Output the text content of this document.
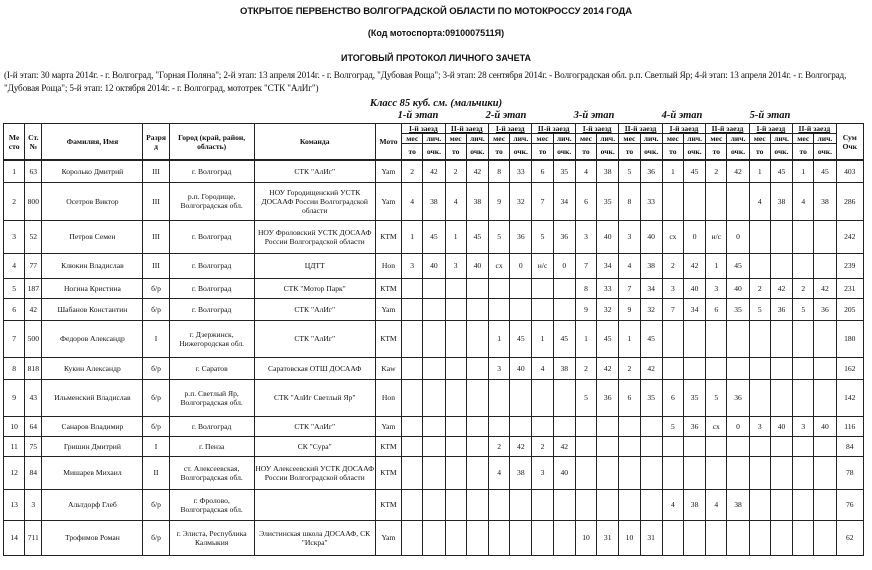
ОТКРЫТОЕ ПЕРВЕНСТВО ВОЛГОГРАДСКОЙ ОБЛАСТИ ПО МОТОКРОССУ 2014 ГОДА
(Код мотоспорта:0910007511Я)
ИТОГОВЫЙ ПРОТОКОЛ ЛИЧНОГО ЗАЧЕТА
(I-й этап: 30 марта 2014г. - г. Волгоград, "Горная Поляна"; 2-й этап: 13 апреля 2014г. - г. Волгоград, "Дубовая Роща"; 3-й этап: 28 сентября 2014г. - Волгоградская обл. р.п. Светлый Яр; 4-й этап: 13 апреля 2014г. - г. Волгоград, "Дубовая Роща"; 5-й этап: 12 октября 2014г. - г. Волгоград, мототрек "СТК "АлИг")
Класс 85 куб. см. (мальчики)
1-й этап	2-й этап	3-й этап	4-й этап	5-й этап
Ме сто	Ст. №	Фамилия, Имя	Разря д	Город (край, район, область)	Команда	Мото	I-й заезд		II-й заезд		I-й заезд		II-й заезд		I-й заезд		II-й заезд		I-й заезд		II-й заезд		I-й заезд		II-й заезд		Сум Очк
							мес	лич.	мес	лич.	мес	лич.	мес	лич.	мес	лич.	мес	лич.	мес	лич.	мес	лич.	мес	лич.	мес	лич.	
							то	очк.	то	очк.	то	очк.	то	очк.	то	очк.	то	очк.	то	очк.	то	очк.	то	очк.	то	очк.	
1	63	Королько Дмитрий	III	г. Волгоград	СТК "АлИг"	Yam	2	42	2	42	8	33	6	35	4	38	5	36	1	45	2	42	1	45	1	45	403
2	800	Осетров Виктор	III	р.п. Городище, Волгоградская обл.	НОУ Городищенский УСТК ДОСААФ России Волгоградской области	Yam	4	38	4	38	9	32	7	34	6	35	8	33					4	38	4	38	286
3	52	Петров Семен	III	г. Волгоград	НОУ Фроловский УСТК ДОСААФ России Волгоградской области	КТМ	1	45	1	45	5	36	5	36	3	40	3	40	сх	0	н/с	0					242
4	77	Клюкин Владислав	III	г. Волгоград	ЦДТТ	Hon	3	40	3	40	сх	0	н/с	0	7	34	4	38	2	42	1	45					239
5	187	Ногина Кристина	б/р	г. Волгоград	СТК "Мотор Парк"	КТМ									8	33	7	34	3	40	3	40	2	42	2	42	231
6	42	Шабанов Константин	б/р	г. Волгоград	СТК "АлИг"	Yam									9	32	9	32	7	34	6	35	5	36	5	36	205
7	500	Федоров Александр	I	г. Дзержинск, Нижегородская обл.	СТК "АлИг"	КТМ					1	45	1	45	1	45	1	45									180
8	818	Кукин Александр	б/р	г. Саратов	Саратовская ОТШ ДОСААФ	Kaw					3	40	4	38	2	42	2	42									162
9	43	Ильменский Владислав	б/р	р.п. Светлый Яр, Волгоградская обл.	СТК "АлИг Светлый Яр"	Hon									5	36	6	35	6	35	5	36					142
10	64	Санаров Владимир	б/р	г. Волгоград	СТК "АлИг"	Yam													5	36	сх	0	3	40	3	40	116
11	75	Гришин Дмитрий	I	г. Пенза	СК "Сура"	КТМ					2	42	2	42													84
12	84	Мишарев Михаил	II	ст. Алексеевская, Волгоградская обл.	НОУ Алексеевский УСТК ДОСААФ России Волгоградской области	КТМ					4	38	3	40													78
13	3	Альтдорф Глеб	б/р	г. Фролово, Волгоградская обл.		КТМ													4	38	4	38					76
14	711	Трофимов Роман	б/р	г. Элиста, Республика Калмыкия	Элистинская школа ДОСААФ, СК "Искра"	Yam									10	31	10	31									62
